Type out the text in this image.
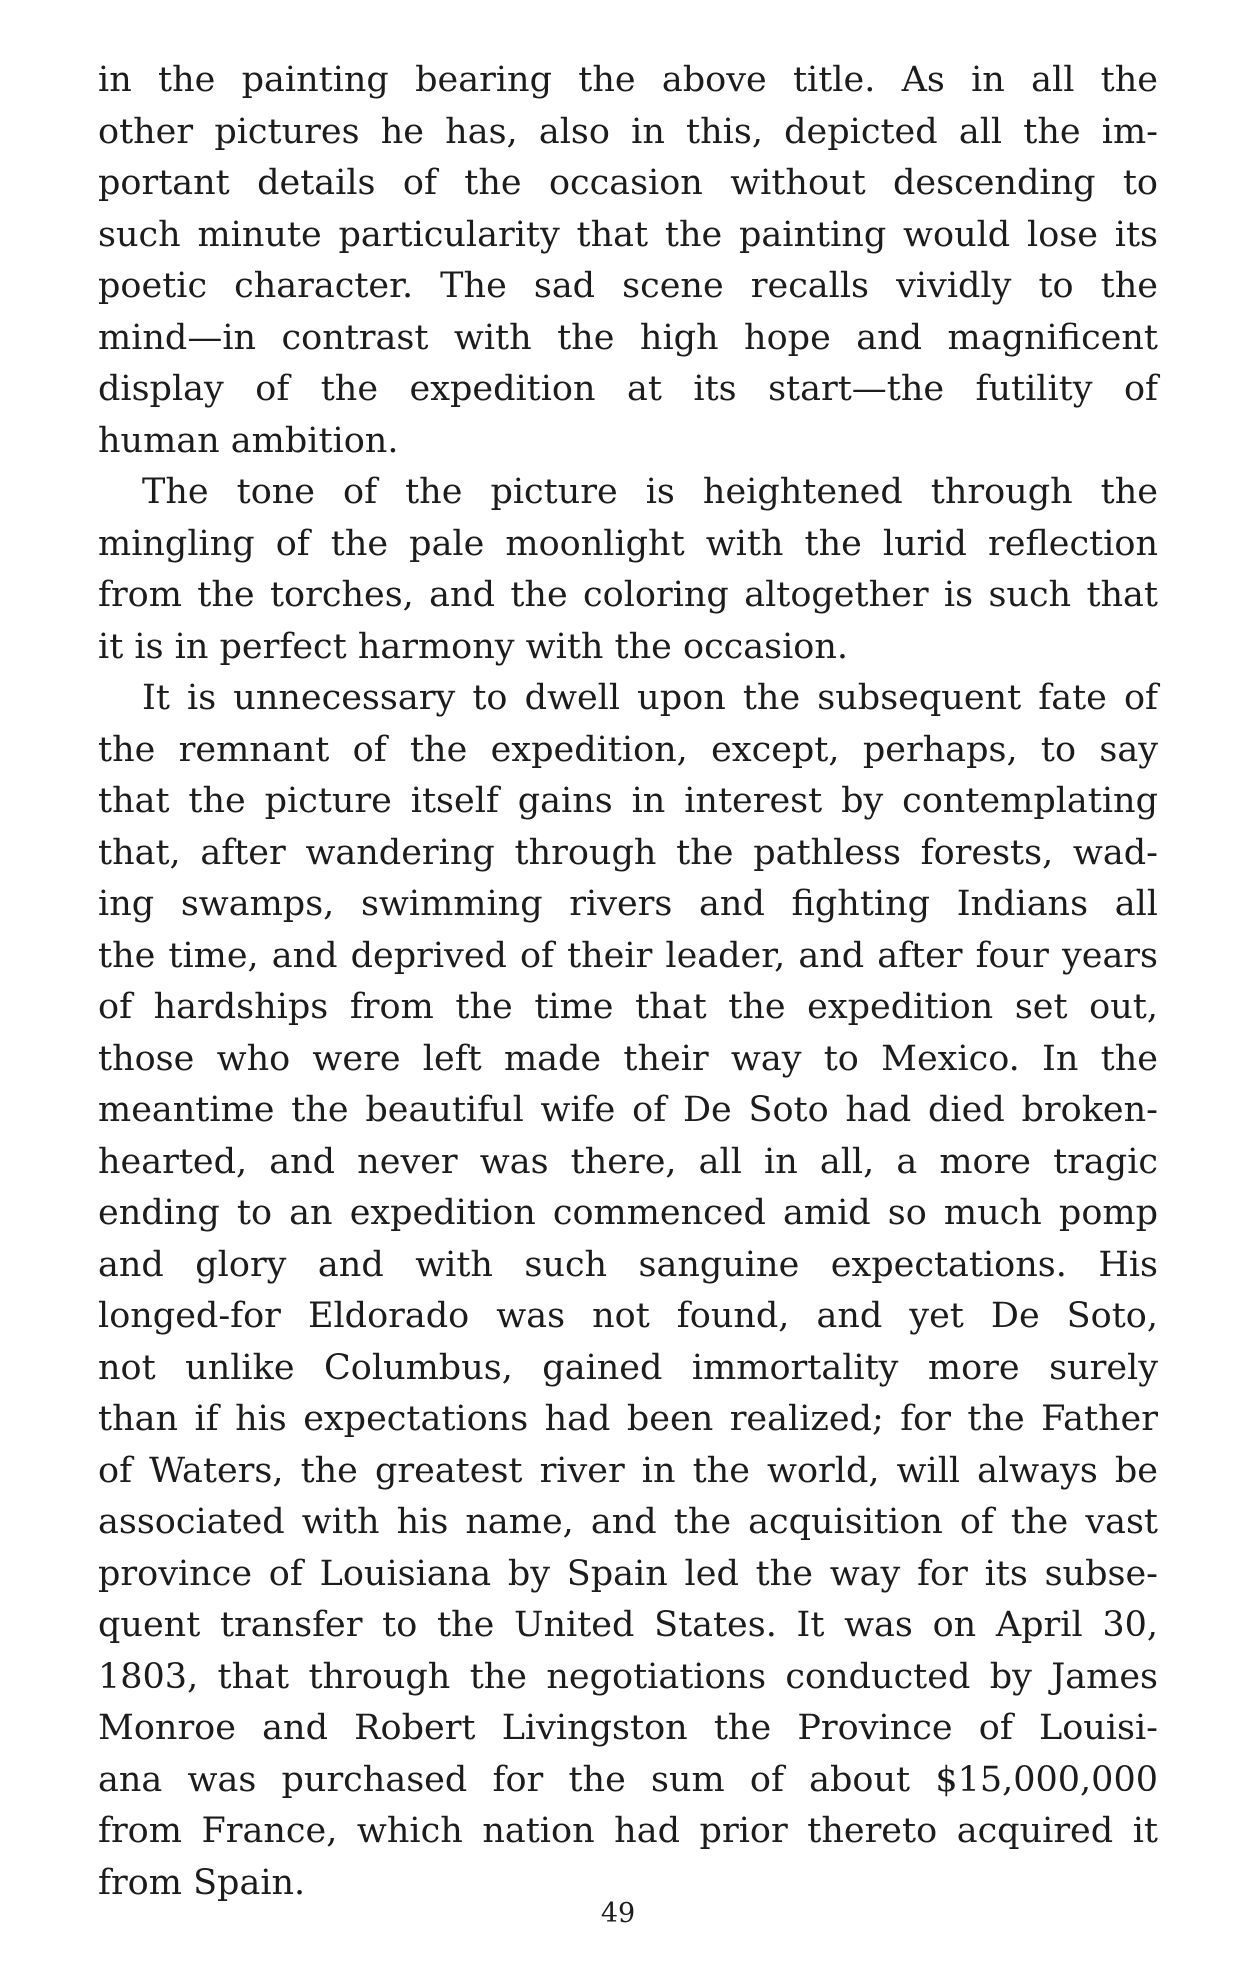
in the painting bearing the above title. As in all the
other pictures he has, also in this, depicted all the im-
portant details of the occasion without descending to
such minute particularity that the painting would lose its
poetic character. The sad scene recalls vividly to the
mind—in contrast with the high hope and magnificent
display of the expedition at its start—the futility of
human ambition.
The tone of the picture is heightened through the
mingling of the pale moonlight with the lurid reflection
from the torches, and the coloring altogether is such that
it is in perfect harmony with the occasion.
It is unnecessary to dwell upon the subsequent fate of
the remnant of the expedition, except, perhaps, to say
that the picture itself gains in interest by contemplating
that, after wandering through the pathless forests, wad-
ing swamps, swimming rivers and fighting Indians all
the time, and deprived of their leader, and after four years
of hardships from the time that the expedition set out,
those who were left made their way to Mexico. In the
meantime the beautiful wife of De Soto had died broken-
hearted, and never was there, all in all, a more tragic
ending to an expedition commenced amid so much pomp
and glory and with such sanguine expectations. His
longed-for Eldorado was not found, and yet De Soto,
not unlike Columbus, gained immortality more surely
than if his expectations had been realized; for the Father
of Waters, the greatest river in the world, will always be
associated with his name, and the acquisition of the vast
province of Louisiana by Spain led the way for its subse-
quent transfer to the United States. It was on April 30,
1803, that through the negotiations conducted by James
Monroe and Robert Livingston the Province of Louisi-
ana was purchased for the sum of about $15,000,000
from France, which nation had prior thereto acquired it
from Spain.
49
